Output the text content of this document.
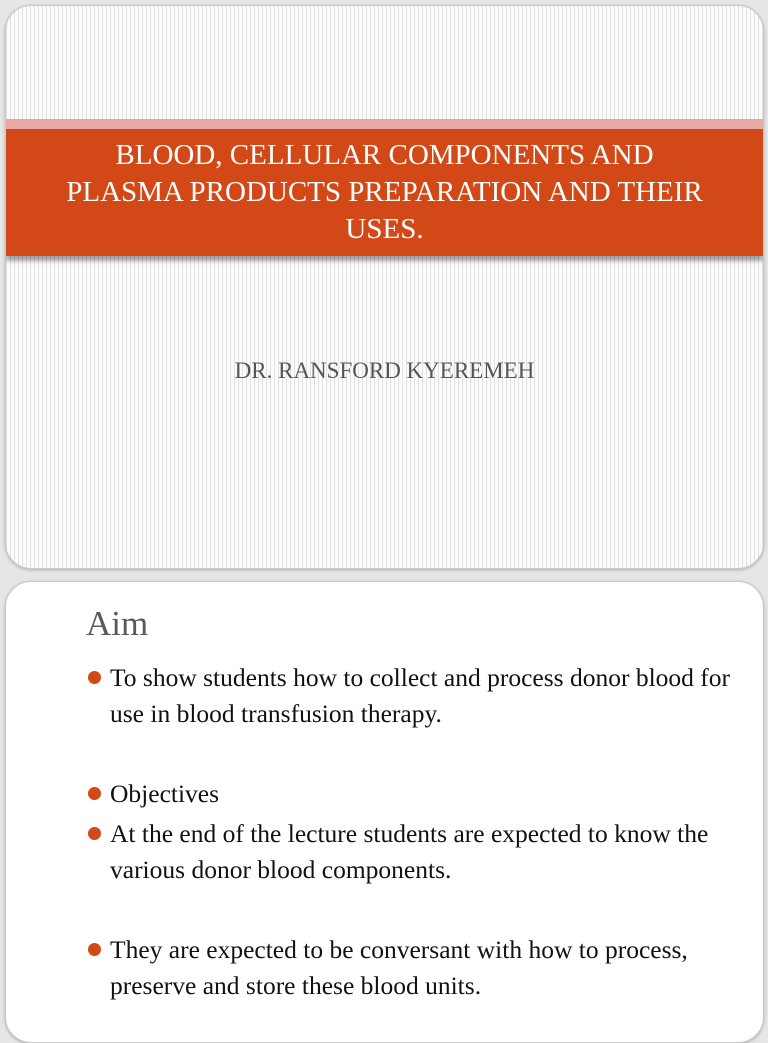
BLOOD, CELLULAR COMPONENTS AND PLASMA PRODUCTS PREPARATION AND THEIR USES.
DR. RANSFORD KYEREMEH
Aim
To show students how to collect and process donor blood for use in blood transfusion therapy.
Objectives
At the end of the lecture students are expected to know the various donor blood components.
They are expected to be conversant with how to process, preserve and store these blood units.
